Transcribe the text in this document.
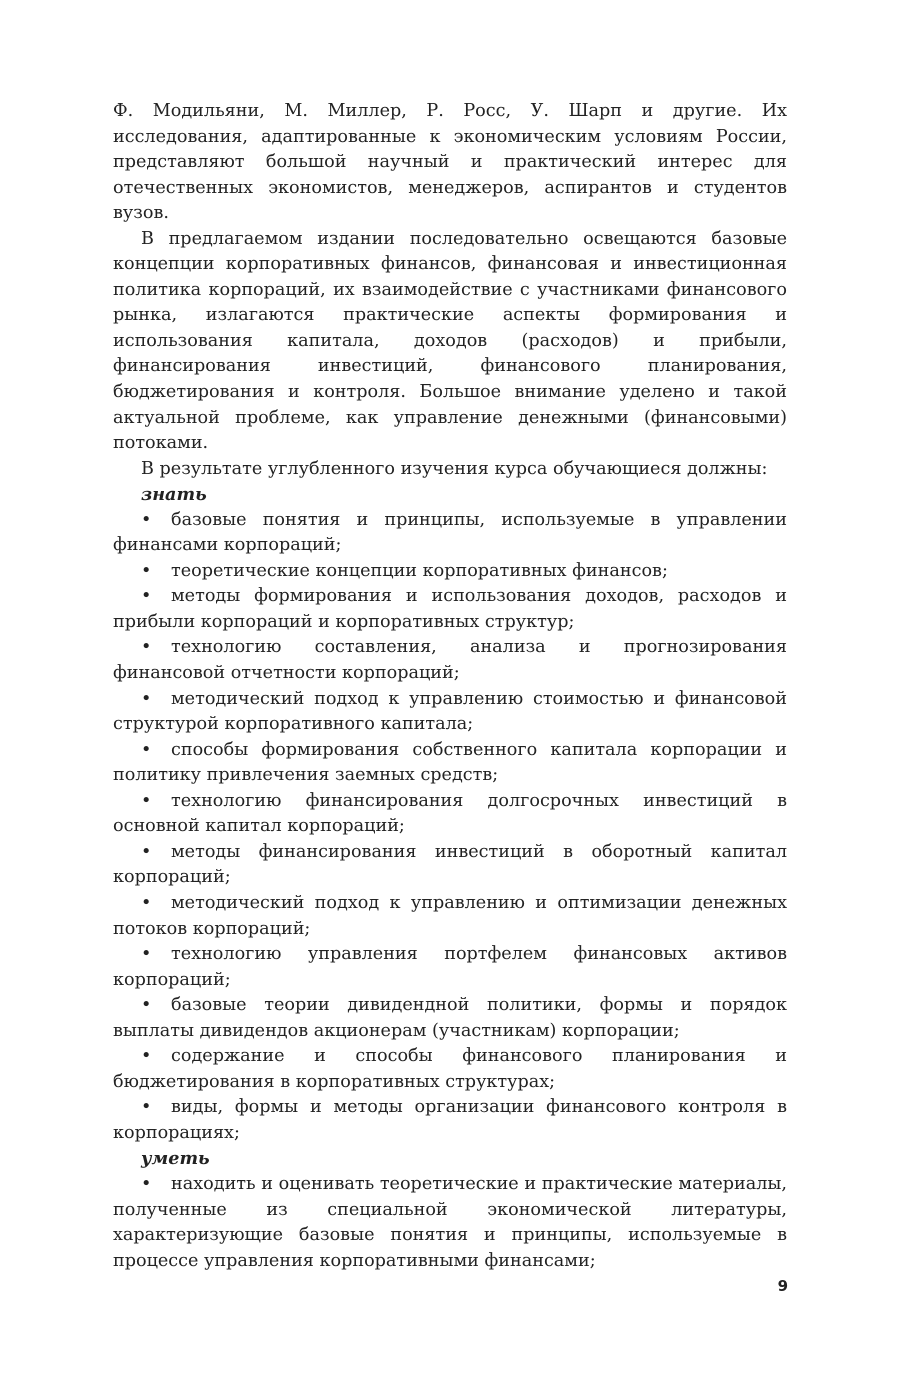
Ф. Модильяни, М. Миллер, Р. Росс, У. Шарп и другие. Их исследования, адаптированные к экономическим условиям России, представляют большой научный и практический интерес для отечественных экономистов, менеджеров, аспирантов и студентов вузов.

В предлагаемом издании последовательно освещаются базовые концепции корпоративных финансов, финансовая и инвестиционная политика корпораций, их взаимодействие с участниками финансового рынка, излагаются практические аспекты формирования и использования капитала, доходов (расходов) и прибыли, финансирования инвестиций, финансового планирования, бюджетирования и контроля. Большое внимание уделено и такой актуальной проблеме, как управление денежными (финансовыми) потоками.

В результате углубленного изучения курса обучающиеся должны:

знать

• базовые понятия и принципы, используемые в управлении финансами корпораций;

• теоретические концепции корпоративных финансов;

• методы формирования и использования доходов, расходов и прибыли корпораций и корпоративных структур;

• технологию составления, анализа и прогнозирования финансовой отчетности корпораций;

• методический подход к управлению стоимостью и финансовой структурой корпоративного капитала;

• способы формирования собственного капитала корпорации и политику привлечения заемных средств;

• технологию финансирования долгосрочных инвестиций в основной капитал корпораций;

• методы финансирования инвестиций в оборотный капитал корпораций;

• методический подход к управлению и оптимизации денежных потоков корпораций;

• технологию управления портфелем финансовых активов корпораций;

• базовые теории дивидендной политики, формы и порядок выплаты дивидендов акционерам (участникам) корпорации;

• содержание и способы финансового планирования и бюджетирования в корпоративных структурах;

• виды, формы и методы организации финансового контроля в корпорациях;

уметь

• находить и оценивать теоретические и практические материалы, полученные из специальной экономической литературы, характеризующие базовые понятия и принципы, используемые в процессе управления корпоративными финансами;

9
